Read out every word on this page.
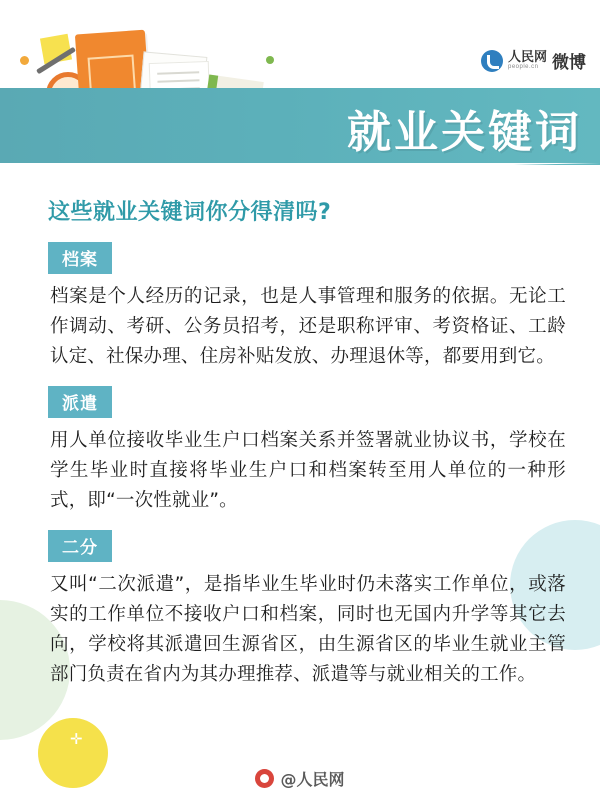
✛
人民网
people.cn 微博
就业关键词
这些就业关键词你分得清吗?
档案
档案是个人经历的记录，也是人事管理和服务的依据。无论工作调动、考研、公务员招考，还是职称评审、考资格证、工龄认定、社保办理、住房补贴发放、办理退休等，都要用到它。
派遣
用人单位接收毕业生户口档案关系并签署就业协议书，学校在学生毕业时直接将毕业生户口和档案转至用人单位的一种形式，即“一次性就业”。
二分
又叫“二次派遣”，是指毕业生毕业时仍未落实工作单位，或落实的工作单位不接收户口和档案，同时也无国内升学等其它去向，学校将其派遣回生源省区，由生源省区的毕业生就业主管部门负责在省内为其办理推荐、派遣等与就业相关的工作。
@人民网
